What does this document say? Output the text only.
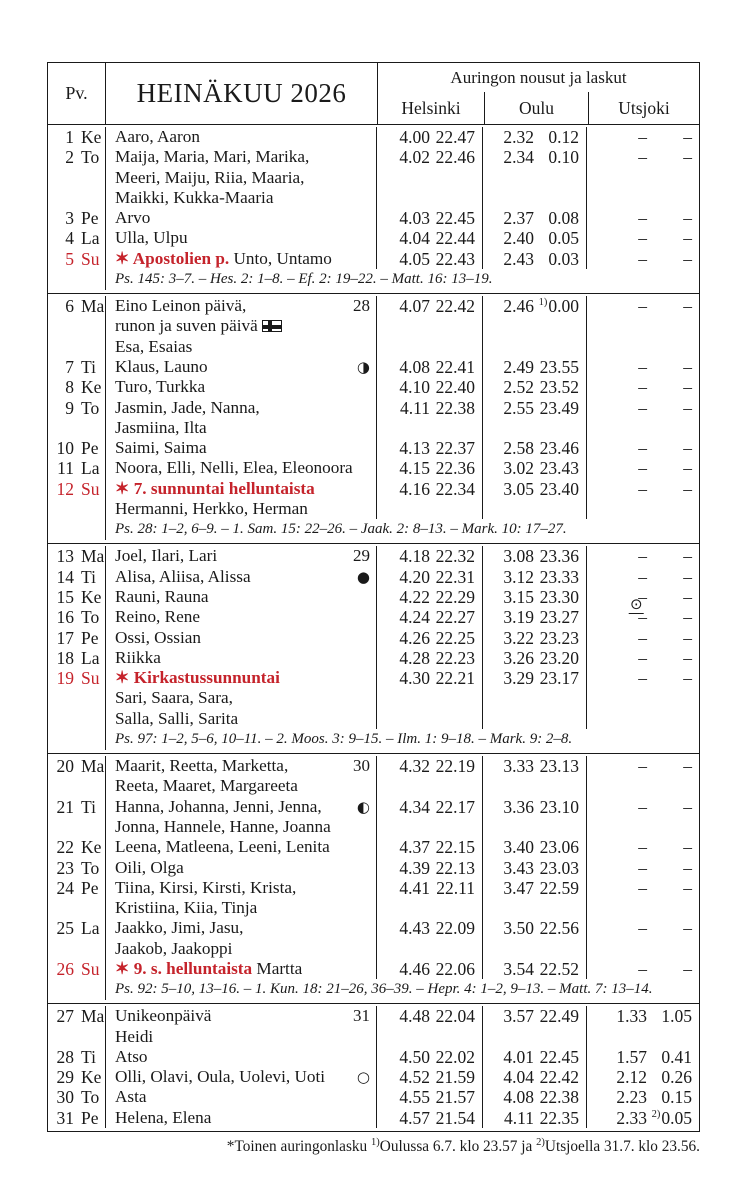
Pv.	HEINÄKUU 2026
Auringon nousut ja laskut
Helsinki	Oulu	Utsjoki
1 Ke Aaro, Aaron	4.00 22.47	2.32 0.12	–	–
2 To Maija, Maria, Mari, Marika,
Meeri, Maiju, Riia, Maaria,
Maikki, Kukka-Maaria
4.02 22.46	2.34 0.10	–	–
3 Pe Arvo	4.03 22.45	2.37 0.08	–	–
4 La Ulla, Ulpu	4.04 22.44	2.40 0.05	–	–
5 Su ✶ Apostolien p. Unto, Untamo	4.05 22.43	2.43 0.03	–	–
Ps. 145: 3–7. – Hes. 2: 1–8. – Ef. 2: 19–22. – Matt. 16: 13–19.
6 Ma Eino Leinon päivä,	28
runon ja suven päivä
Esa, Esaias
4.07 22.42	2.46 $^{1)}$0.00	–	–
7 Ti Klaus, Launo	◑	4.08 22.41	2.49 23.55	–	–
8 Ke Turo, Turkka	4.10 22.40	2.52 23.52	–	–
9 To Jasmin, Jade, Nanna,
Jasmiina, Ilta
4.11 22.38	2.55 23.49	–	–
10 Pe Saimi, Saima	4.13 22.37	2.58 23.46	–	–
11 La Noora, Elli, Nelli, Elea, Eleonoora	4.15 22.36	3.02 23.43	–	–
12 Su ✶ 7. sunnuntai helluntaista
Hermanni, Herkko, Herman
4.16 22.34	3.05 23.40	–	–
Ps. 28: 1–2, 6–9. – 1. Sam. 15: 22–26. – Jaak. 2: 8–13. – Mark. 10: 17–27.
13 Ma Joel, Ilari, Lari	29	4.18 22.32	3.08 23.36	–	–
14 Ti Alisa, Aliisa, Alissa	●	4.20 22.31	3.12 23.33	–	–
15 Ke Rauni, Rauna	4.22 22.29	3.15 23.30	–	–
⊙
16 To Reino, Rene	4.24 22.27	3.19 23.27	–	–
17 Pe Ossi, Ossian	4.26 22.25	3.22 23.23	–	–
18 La Riikka	4.28 22.23	3.26 23.20	–	–
19 Su ✶ Kirkastussunnuntai
Sari, Saara, Sara,
Salla, Salli, Sarita
4.30 22.21	3.29 23.17	–	–
Ps. 97: 1–2, 5–6, 10–11. – 2. Moos. 3: 9–15. – Ilm. 1: 9–18. – Mark. 9: 2–8.
20 Ma Maarit, Reetta, Marketta,	30
Reeta, Maaret, Margareeta
4.32 22.19	3.33 23.13	–	–
21 Ti Hanna, Johanna, Jenni, Jenna, ◐
Jonna, Hannele, Hanne, Joanna
4.34 22.17	3.36 23.10	–	–
22 Ke Leena, Matleena, Leeni, Lenita	4.37 22.15	3.40 23.06	–	–
23 To Oili, Olga	4.39 22.13	3.43 23.03	–	–
24 Pe Tiina, Kirsi, Kirsti, Krista,
Kristiina, Kiia, Tinja
4.41 22.11	3.47 22.59	–	–
25 La Jaakko, Jimi, Jasu,
Jaakob, Jaakoppi
4.43 22.09	3.50 22.56	–	–
26 Su ✶ 9. s. helluntaista Martta	4.46 22.06	3.54 22.52	–	–
Ps. 92: 5–10, 13–16. – 1. Kun. 18: 21–26, 36–39. – Hepr. 4: 1–2, 9–13. – Matt. 7: 13–14.
27 Ma Unikeonpäivä	31
Heidi
4.48 22.04	3.57 22.49	1.33 1.05
28 Ti Atso	4.50 22.02	4.01 22.45	1.57 0.41
29 Ke Olli, Olavi, Oula, Uolevi, Uoti ○	4.52 21.59	4.04 22.42	2.12 0.26
30 To Asta	4.55 21.57	4.08 22.38	2.23 0.15
31 Pe Helena, Elena	4.57 21.54	4.11 22.35	2.33 $^{2)}$0.05
*Toinen auringonlasku $^{1)}$Oulussa 6.7. klo 23.57 ja $^{2)}$Utsjoella 31.7. klo 23.56.
